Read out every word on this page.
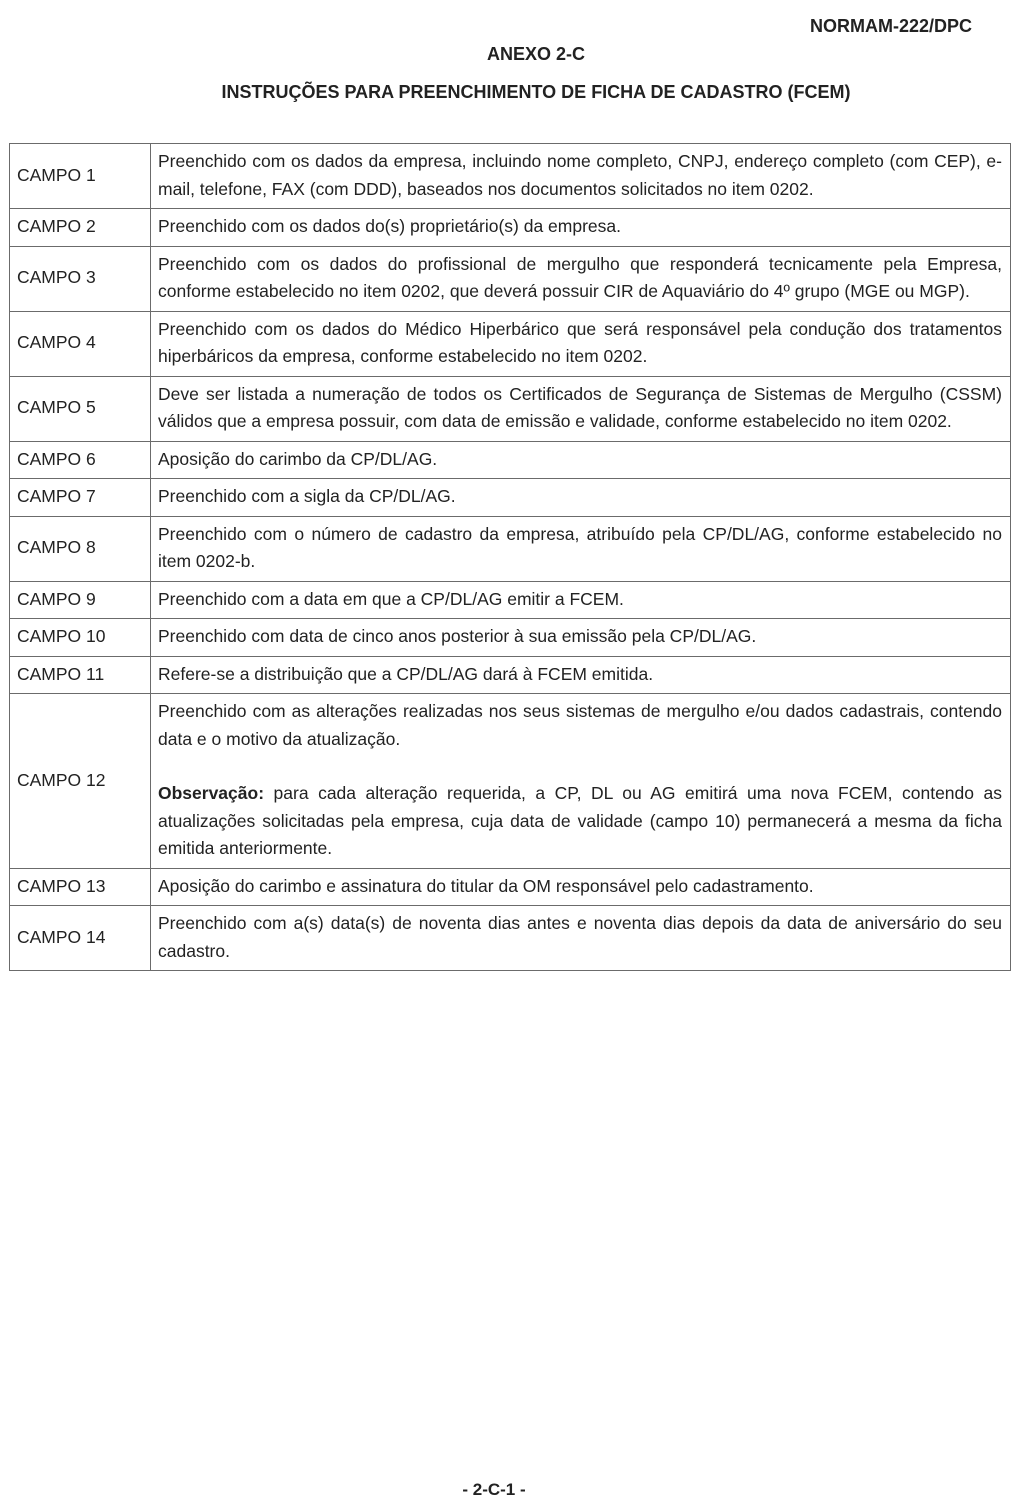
NORMAM-222/DPC

ANEXO 2-C

INSTRUÇÕES PARA PREENCHIMENTO DE FICHA DE CADASTRO (FCEM)

CAMPO 1	Preenchido com os dados da empresa, incluindo nome completo, CNPJ, endereço completo (com CEP), e-mail, telefone, FAX (com DDD), baseados nos documentos solicitados no item 0202.
CAMPO 2	Preenchido com os dados do(s) proprietário(s) da empresa.
CAMPO 3	Preenchido com os dados do profissional de mergulho que responderá tecnicamente pela Empresa, conforme estabelecido no item 0202, que deverá possuir CIR de Aquaviário do 4º grupo (MGE ou MGP).
CAMPO 4	Preenchido com os dados do Médico Hiperbárico que será responsável pela condução dos tratamentos hiperbáricos da empresa, conforme estabelecido no item 0202.
CAMPO 5	Deve ser listada a numeração de todos os Certificados de Segurança de Sistemas de Mergulho (CSSM) válidos que a empresa possuir, com data de emissão e validade, conforme estabelecido no item 0202.
CAMPO 6	Aposição do carimbo da CP/DL/AG.
CAMPO 7	Preenchido com a sigla da CP/DL/AG.
CAMPO 8	Preenchido com o número de cadastro da empresa, atribuído pela CP/DL/AG, conforme estabelecido no item 0202-b.
CAMPO 9	Preenchido com a data em que a CP/DL/AG emitir a FCEM.
CAMPO 10	Preenchido com data de cinco anos posterior à sua emissão pela CP/DL/AG.
CAMPO 11	Refere-se a distribuição que a CP/DL/AG dará à FCEM emitida.
CAMPO 12	Preenchido com as alterações realizadas nos seus sistemas de mergulho e/ou dados cadastrais, contendo data e o motivo da atualização.
Observação: para cada alteração requerida, a CP, DL ou AG emitirá uma nova FCEM, contendo as atualizações solicitadas pela empresa, cuja data de validade (campo 10) permanecerá a mesma da ficha emitida anteriormente.

CAMPO 13	Aposição do carimbo e assinatura do titular da OM responsável pelo cadastramento.
CAMPO 14	Preenchido com a(s) data(s) de noventa dias antes e noventa dias depois da data de aniversário do seu cadastro.

- 2-C-1 -
